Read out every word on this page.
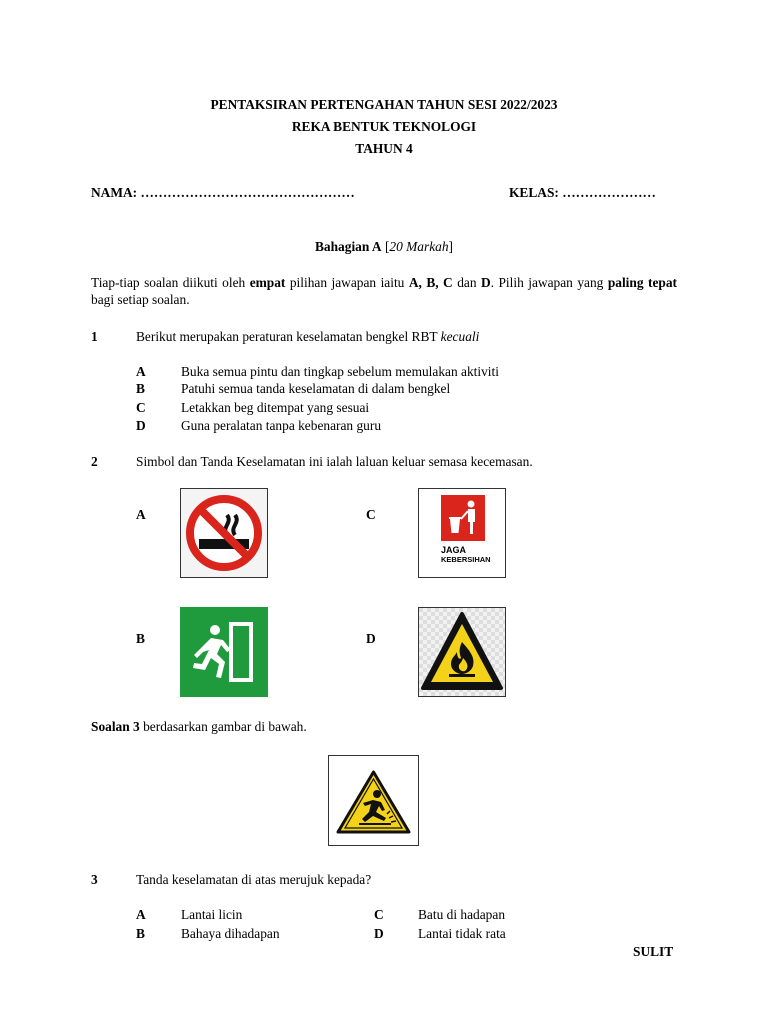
PENTAKSIRAN PERTENGAHAN TAHUN SESI 2022/2023
REKA BENTUK TEKNOLOGI
TAHUN 4
NAMA: …………………………………………	KELAS: …………………
Bahagian A [20 Markah]
Tiap-tiap soalan diikuti oleh empat pilihan jawapan iaitu A, B, C dan D. Pilih jawapan yang paling tepat bagi setiap soalan.
1	Berikut merupakan peraturan keselamatan bengkel RBT kecuali
A	Buka semua pintu dan tingkap sebelum memulakan aktiviti
B	Patuhi semua tanda keselamatan di dalam bengkel
C	Letakkan beg ditempat yang sesuai
D	Guna peralatan tanpa kebenaran guru
2	Simbol dan Tanda Keselamatan ini ialah laluan keluar semasa kecemasan.
A	C
JAGA
KEBERSIHAN
B	D
Soalan 3 berdasarkan gambar di bawah.
3	Tanda keselamatan di atas merujuk kepada?
A	Lantai licin	C	Batu di hadapan
B	Bahaya dihadapan	D	Lantai tidak rata
SULIT
